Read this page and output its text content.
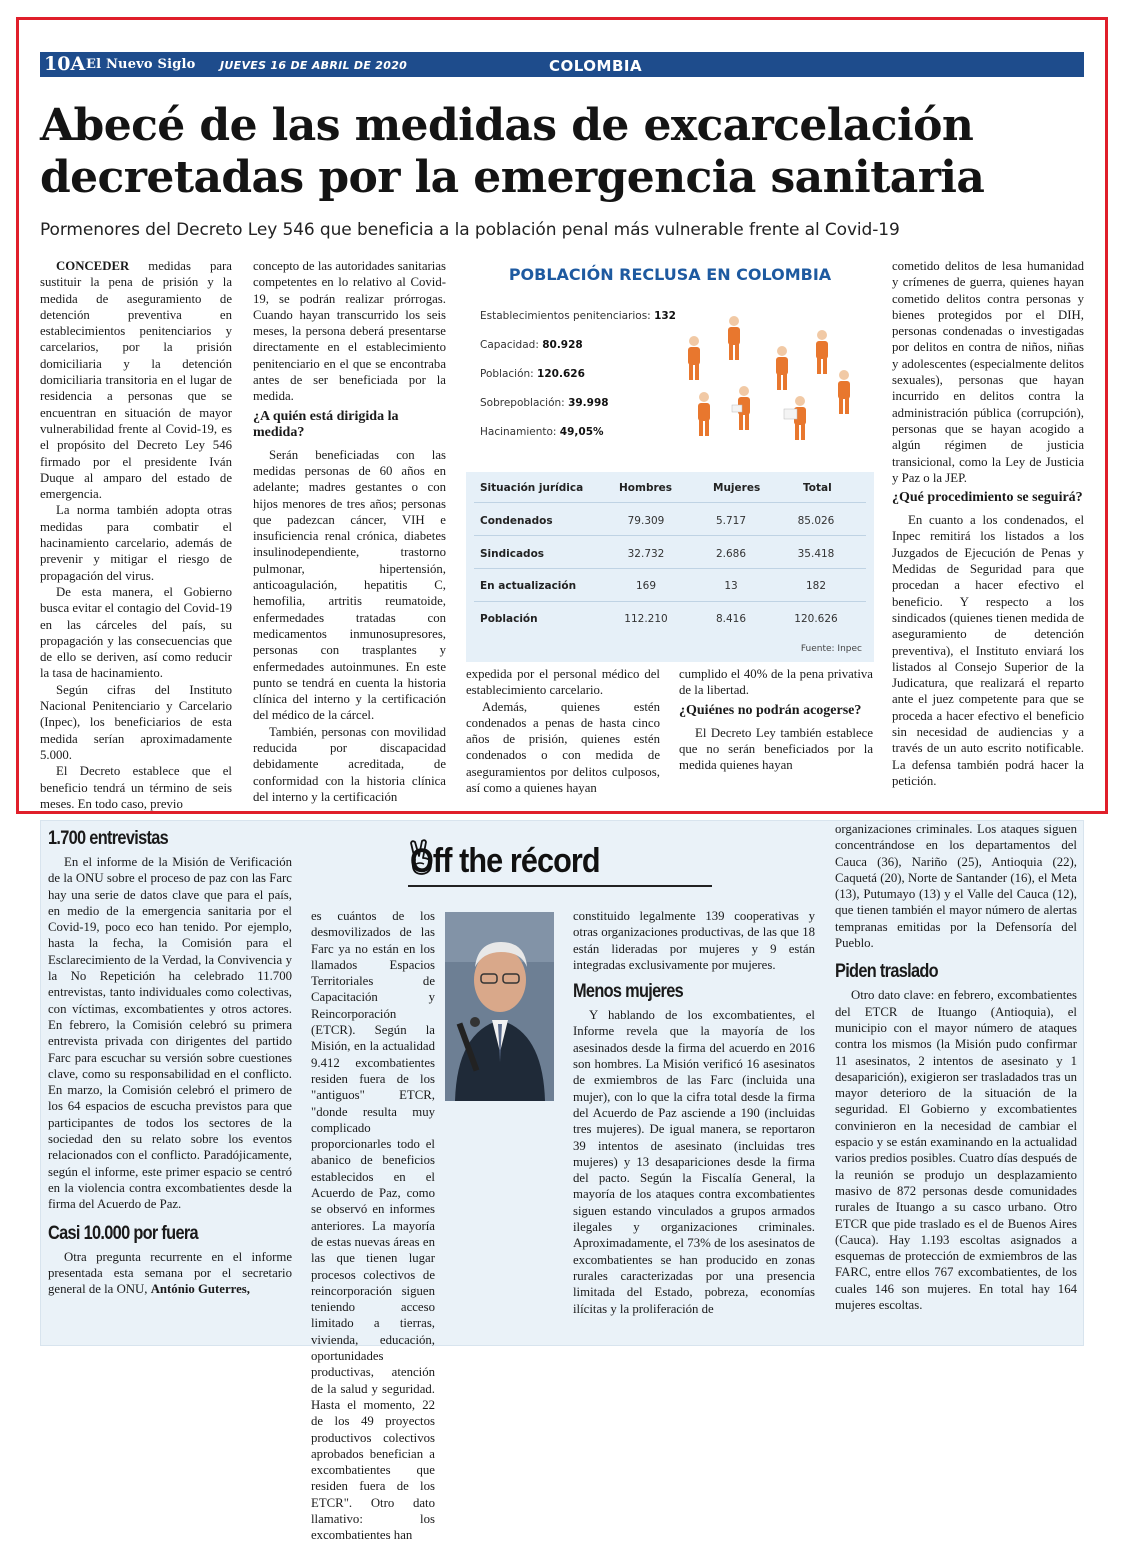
10A El Nuevo Siglo JUEVES 16 DE ABRIL DE 2020	COLOMBIA
Abecé de las medidas de excarcelación decretadas por la emergencia sanitaria
Pormenores del Decreto Ley 546 que beneficia a la población penal más vulnerable frente al Covid-19

CONCEDER medidas para sustituir la pena de prisión y la medida de aseguramiento de detención preventiva en establecimientos penitenciarios y carcelarios, por la prisión domiciliaria y la detención domiciliaria transitoria en el lugar de residencia a personas que se encuentran en situación de mayor vulnerabilidad frente al Covid-19, es el propósito del Decreto Ley 546 firmado por el presidente Iván Duque al amparo del estado de emergencia.

La norma también adopta otras medidas para combatir el hacinamiento carcelario, además de prevenir y mitigar el riesgo de propagación del virus.

De esta manera, el Gobierno busca evitar el contagio del Covid-19 en las cárceles del país, su propagación y las consecuencias que de ello se deriven, así como reducir la tasa de hacinamiento.

Según cifras del Instituto Nacional Penitenciario y Carcelario (Inpec), los beneficiarios de esta medida serían aproximadamente 5.000.

El Decreto establece que el beneficio tendrá un término de seis meses. En todo caso, previo

concepto de las autoridades sanitarias competentes en lo relativo al Covid-19, se podrán realizar prórrogas. Cuando hayan transcurrido los seis meses, la persona deberá presentarse directamente en el establecimiento penitenciario en el que se encontraba antes de ser beneficiada por la medida.

¿A quién está dirigida la medida?

Serán beneficiadas con las medidas personas de 60 años en adelante; madres gestantes o con hijos menores de tres años; personas que padezcan cáncer, VIH e insuficiencia renal crónica, diabetes insulinodependiente, trastorno pulmonar, hipertensión, anticoagulación, hepatitis C, hemofilia, artritis reumatoide, enfermedades tratadas con medicamentos inmunosupresores, personas con trasplantes y enfermedades autoinmunes. En este punto se tendrá en cuenta la historia clínica del interno y la certificación del médico de la cárcel.

También, personas con movilidad reducida por discapacidad debidamente acreditada, de conformidad con la historia clínica del interno y la certificación

POBLACIÓN RECLUSA EN COLOMBIA
Establecimientos penitenciarios: 132
Capacidad: 80.928
Población: 120.626
Sobrepoblación: 39.998
Hacinamiento: 49,05%
Situación jurídica	Hombres	Mujeres	Total
Condenados	79.309	5.717	85.026
Sindicados	32.732	2.686	35.418
En actualización	169	13	182
Población	112.210	8.416	120.626
Fuente: Inpec

expedida por el personal médico del establecimiento carcelario.

Además, quienes estén condenados a penas de hasta cinco años de prisión, quienes estén condenados o con medida de aseguramientos por delitos culposos, así como a quienes hayan

cumplido el 40% de la pena privativa de la libertad.

¿Quiénes no podrán acogerse?

El Decreto Ley también establece que no serán beneficiados por la medida quienes hayan

cometido delitos de lesa humanidad y crímenes de guerra, quienes hayan cometido delitos contra personas y bienes protegidos por el DIH, personas condenadas o investigadas por delitos en contra de niños, niñas y adolescentes (especialmente delitos sexuales), personas que hayan incurrido en delitos contra la administración pública (corrupción), personas que se hayan acogido a algún régimen de justicia transicional, como la Ley de Justicia y Paz o la JEP.

¿Qué procedimiento se seguirá?

En cuanto a los condenados, el Inpec remitirá los listados a los Juzgados de Ejecución de Penas y Medidas de Seguridad para que procedan a hacer efectivo el beneficio. Y respecto a los sindicados (quienes tienen medida de aseguramiento de detención preventiva), el Instituto enviará los listados al Consejo Superior de la Judicatura, que realizará el reparto ante el juez competente para que se proceda a hacer efectivo el beneficio sin necesidad de audiencias y a través de un auto escrito notificable. La defensa también podrá hacer la petición.

Off the récord
1.700 entrevistas

En el informe de la Misión de Verificación de la ONU sobre el proceso de paz con las Farc hay una serie de datos clave que para el país, en medio de la emergencia sanitaria por el Covid-19, poco eco han tenido. Por ejemplo, hasta la fecha, la Comisión para el Esclarecimiento de la Verdad, la Convivencia y la No Repetición ha celebrado 11.700 entrevistas, tanto individuales como colectivas, con víctimas, excombatientes y otros actores. En febrero, la Comisión celebró su primera entrevista privada con dirigentes del partido Farc para escuchar su versión sobre cuestiones clave, como su responsabilidad en el conflicto. En marzo, la Comisión celebró el primero de los 64 espacios de escucha previstos para que participantes de todos los sectores de la sociedad den su relato sobre los eventos relacionados con el conflicto. Paradójicamente, según el informe, este primer espacio se centró en la violencia contra excombatientes desde la firma del Acuerdo de Paz.

Casi 10.000 por fuera

Otra pregunta recurrente en el informe presentada esta semana por el secretario general de la ONU, António Guterres,

es cuántos de los desmovilizados de las Farc ya no están en los llamados Espacios Territoriales de Capacitación y Reincorporación (ETCR). Según la Misión, en la actualidad 9.412 excombatientes residen fuera de los "antiguos" ETCR, "donde resulta muy complicado proporcionarles todo el abanico de beneficios establecidos en el Acuerdo de Paz, como se observó en informes anteriores. La mayoría de estas nuevas áreas en las que tienen lugar procesos colectivos de reincorporación siguen teniendo acceso limitado a tierras, vivienda, educación, oportunidades productivas, atención de la salud y seguridad. Hasta el momento, 22 de los 49 proyectos productivos colectivos aprobados benefician a excombatientes que residen fuera de los ETCR". Otro dato llamativo: los excombatientes han

constituido legalmente 139 cooperativas y otras organizaciones productivas, de las que 18 están lideradas por mujeres y 9 están integradas exclusivamente por mujeres.

Menos mujeres

Y hablando de los excombatientes, el Informe revela que la mayoría de los asesinados desde la firma del acuerdo en 2016 son hombres. La Misión verificó 16 asesinatos de exmiembros de las Farc (incluida una mujer), con lo que la cifra total desde la firma del Acuerdo de Paz asciende a 190 (incluidas tres mujeres). De igual manera, se reportaron 39 intentos de asesinato (incluidas tres mujeres) y 13 desapariciones desde la firma del pacto. Según la Fiscalía General, la mayoría de los ataques contra excombatientes siguen estando vinculados a grupos armados ilegales y organizaciones criminales. Aproximadamente, el 73% de los asesinatos de excombatientes se han producido en zonas rurales caracterizadas por una presencia limitada del Estado, pobreza, economías ilícitas y la proliferación de

organizaciones criminales. Los ataques siguen concentrándose en los departamentos del Cauca (36), Nariño (25), Antioquia (22), Caquetá (20), Norte de Santander (16), el Meta (13), Putumayo (13) y el Valle del Cauca (12), que tienen también el mayor número de alertas tempranas emitidas por la Defensoría del Pueblo.

Piden traslado

Otro dato clave: en febrero, excombatientes del ETCR de Ituango (Antioquia), el municipio con el mayor número de ataques contra los mismos (la Misión pudo confirmar 11 asesinatos, 2 intentos de asesinato y 1 desaparición), exigieron ser trasladados tras un mayor deterioro de la situación de la seguridad. El Gobierno y excombatientes convinieron en la necesidad de cambiar el espacio y se están examinando en la actualidad varios predios posibles. Cuatro días después de la reunión se produjo un desplazamiento masivo de 872 personas desde comunidades rurales de Ituango a su casco urbano. Otro ETCR que pide traslado es el de Buenos Aires (Cauca). Hay 1.193 escoltas asignados a esquemas de protección de exmiembros de las FARC, entre ellos 767 excombatientes, de los cuales 146 son mujeres. En total hay 164 mujeres escoltas.
